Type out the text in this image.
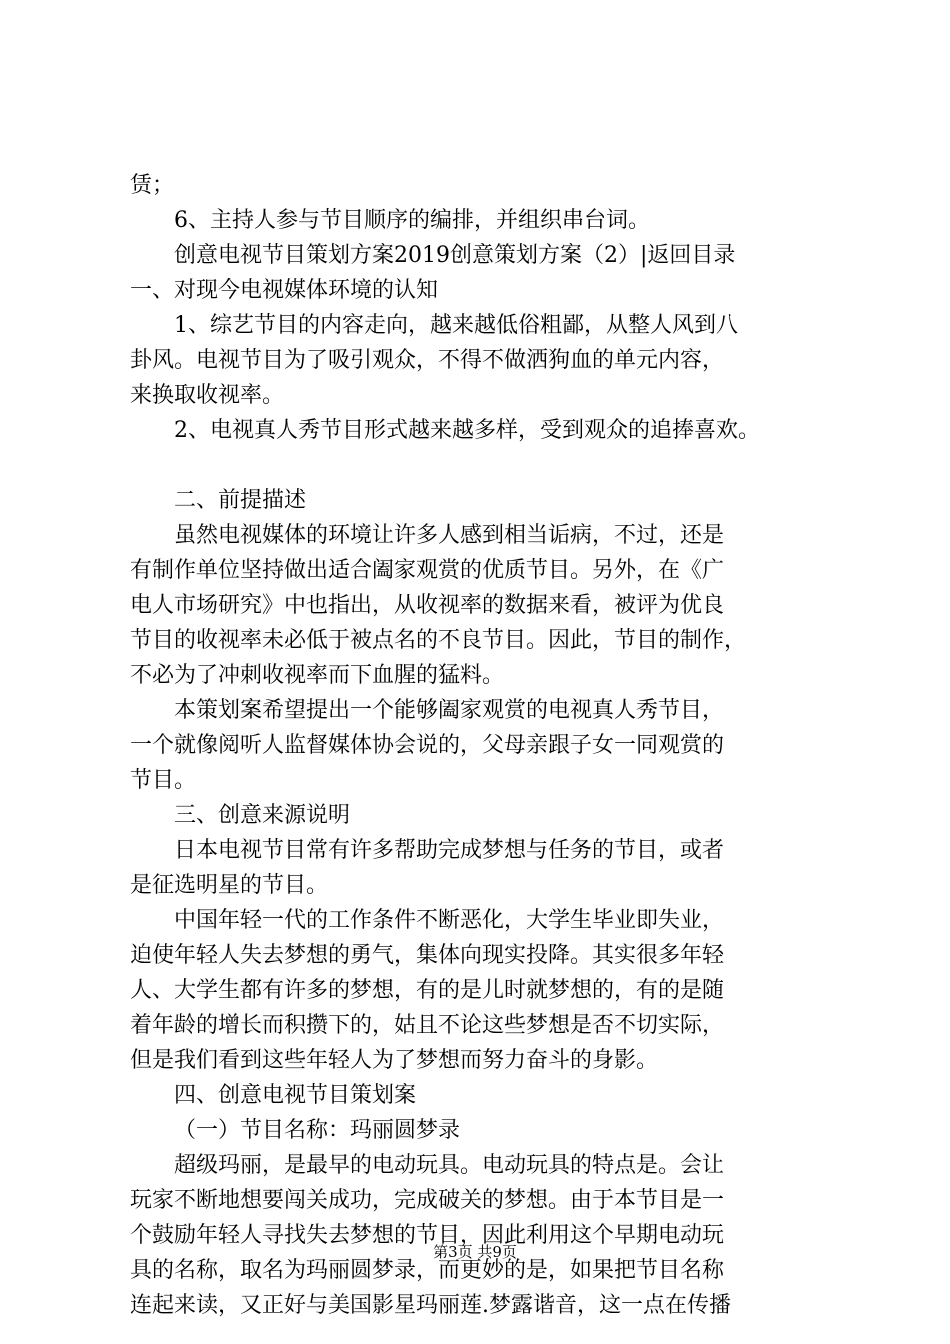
赁；
6、主持人参与节目顺序的编排，并组织串台词。
创意电视节目策划方案2019创意策划方案（2）|返回目录
一、对现今电视媒体环境的认知
1、综艺节目的内容走向，越来越低俗粗鄙，从整人风到八
卦风。电视节目为了吸引观众，不得不做洒狗血的单元内容，
来换取收视率。
2、电视真人秀节目形式越来越多样，受到观众的追捧喜欢。
二、前提描述
虽然电视媒体的环境让许多人感到相当诟病，不过，还是
有制作单位坚持做出适合阖家观赏的优质节目。另外，在《广
电人市场研究》中也指出，从收视率的数据来看，被评为优良
节目的收视率未必低于被点名的不良节目。因此，节目的制作，
不必为了冲刺收视率而下血腥的猛料。
本策划案希望提出一个能够阖家观赏的电视真人秀节目，
一个就像阅听人监督媒体协会说的，父母亲跟子女一同观赏的
节目。
三、创意来源说明
日本电视节目常有许多帮助完成梦想与任务的节目，或者
是征选明星的节目。
中国年轻一代的工作条件不断恶化，大学生毕业即失业，
迫使年轻人失去梦想的勇气，集体向现实投降。其实很多年轻
人、大学生都有许多的梦想，有的是儿时就梦想的，有的是随
着年龄的增长而积攒下的，姑且不论这些梦想是否不切实际，
但是我们看到这些年轻人为了梦想而努力奋斗的身影。
四、创意电视节目策划案
（一）节目名称：玛丽圆梦录
超级玛丽，是最早的电动玩具。电动玩具的特点是。会让
玩家不断地想要闯关成功，完成破关的梦想。由于本节目是一
个鼓励年轻人寻找失去梦想的节目，因此利用这个早期电动玩
具的名称，取名为玛丽圆梦录，而更妙的是，如果把节目名称
连起来读，又正好与美国影星玛丽莲.梦露谐音，这一点在传播
第3页 共9页
